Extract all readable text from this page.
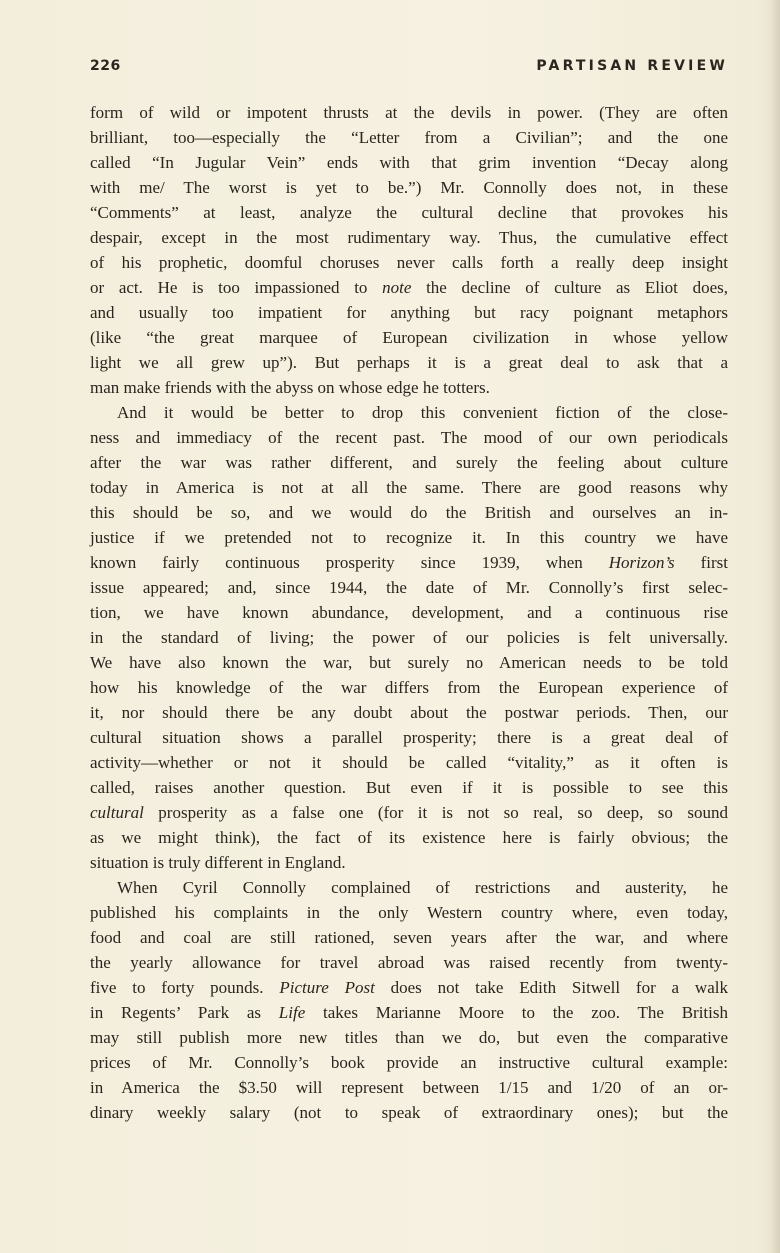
226	PARTISAN REVIEW

form of wild or impotent thrusts at the devils in power. (They are often

brilliant, too—especially the “Letter from a Civilian”; and the one

called “In Jugular Vein” ends with that grim invention “Decay along

with me/ The worst is yet to be.”) Mr. Connolly does not, in these

“Comments” at least, analyze the cultural decline that provokes his

despair, except in the most rudimentary way. Thus, the cumulative effect

of his prophetic, doomful choruses never calls forth a really deep insight

or act. He is too impassioned to note the decline of culture as Eliot does,

and usually too impatient for anything but racy poignant metaphors

(like “the great marquee of European civilization in whose yellow

light we all grew up”). But perhaps it is a great deal to ask that a

man make friends with the abyss on whose edge he totters.

And it would be better to drop this convenient fiction of the close-

ness and immediacy of the recent past. The mood of our own periodicals

after the war was rather different, and surely the feeling about culture

today in America is not at all the same. There are good reasons why

this should be so, and we would do the British and ourselves an in-

justice if we pretended not to recognize it. In this country we have

known fairly continuous prosperity since 1939, when Horizon’s first

issue appeared; and, since 1944, the date of Mr. Connolly’s first selec-

tion, we have known abundance, development, and a continuous rise

in the standard of living; the power of our policies is felt universally.

We have also known the war, but surely no American needs to be told

how his knowledge of the war differs from the European experience of

it, nor should there be any doubt about the postwar periods. Then, our

cultural situation shows a parallel prosperity; there is a great deal of

activity—whether or not it should be called “vitality,” as it often is

called, raises another question. But even if it is possible to see this

cultural prosperity as a false one (for it is not so real, so deep, so sound

as we might think), the fact of its existence here is fairly obvious; the

situation is truly different in England.

When Cyril Connolly complained of restrictions and austerity, he

published his complaints in the only Western country where, even today,

food and coal are still rationed, seven years after the war, and where

the yearly allowance for travel abroad was raised recently from twenty-

five to forty pounds. Picture Post does not take Edith Sitwell for a walk

in Regents’ Park as Life takes Marianne Moore to the zoo. The British

may still publish more new titles than we do, but even the comparative

prices of Mr. Connolly’s book provide an instructive cultural example:

in America the $3.50 will represent between 1/15 and 1/20 of an or-

dinary weekly salary (not to speak of extraordinary ones); but the
